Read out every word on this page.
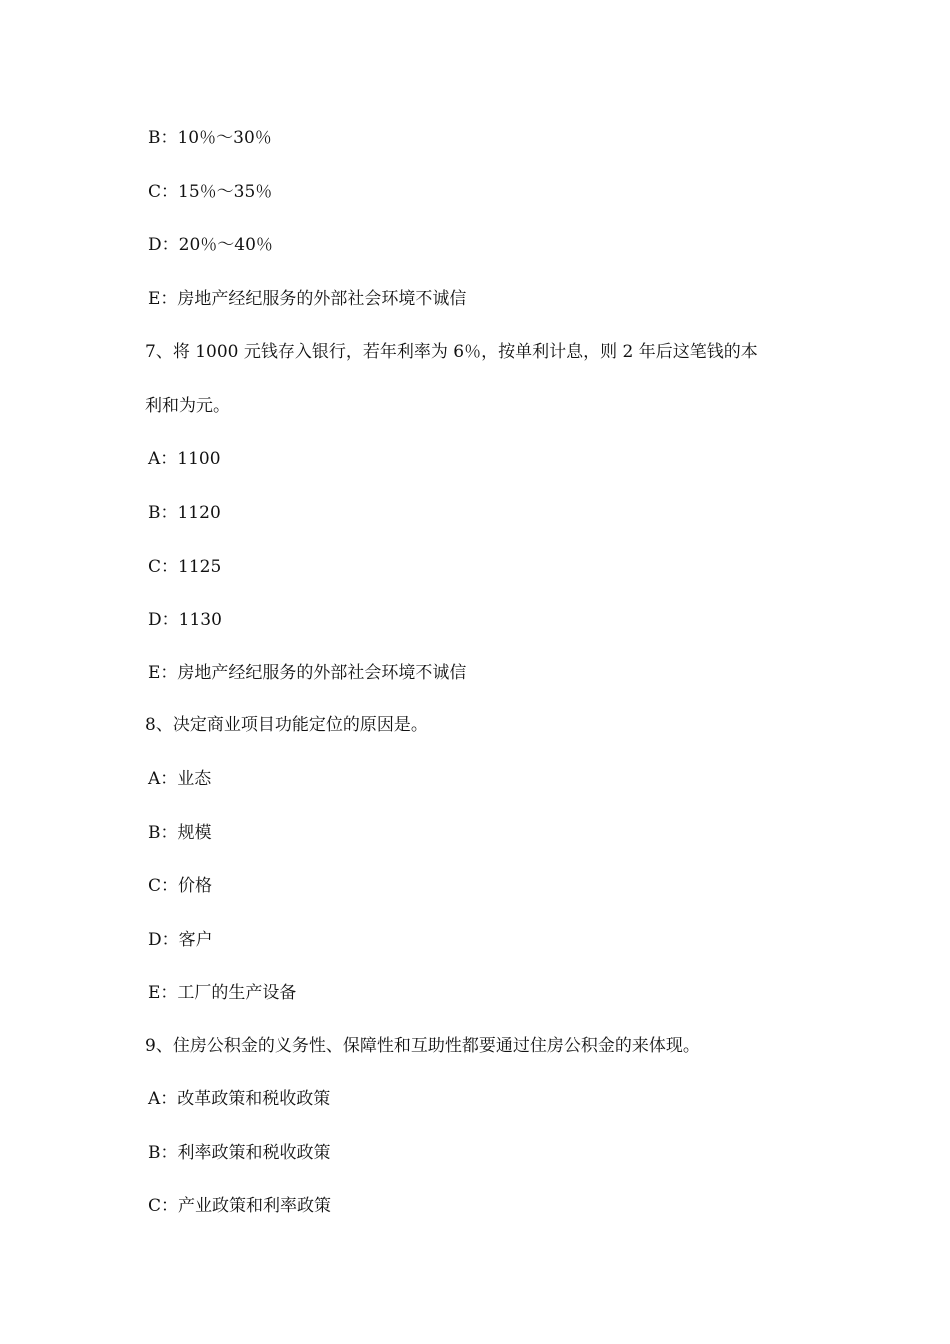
B：10％～30％
C：15％～35％
D：20％～40％
E：房地产经纪服务的外部社会环境不诚信
7、将 1000 元钱存入银行，若年利率为 6％，按单利计息，则 2 年后这笔钱的本
利和为元。
A：1100
B：1120
C：1125
D：1130
E：房地产经纪服务的外部社会环境不诚信
8、决定商业项目功能定位的原因是。
A：业态
B：规模
C：价格
D：客户
E：工厂的生产设备
9、住房公积金的义务性、保障性和互助性都要通过住房公积金的来体现。
A：改革政策和税收政策
B：利率政策和税收政策
C：产业政策和利率政策
